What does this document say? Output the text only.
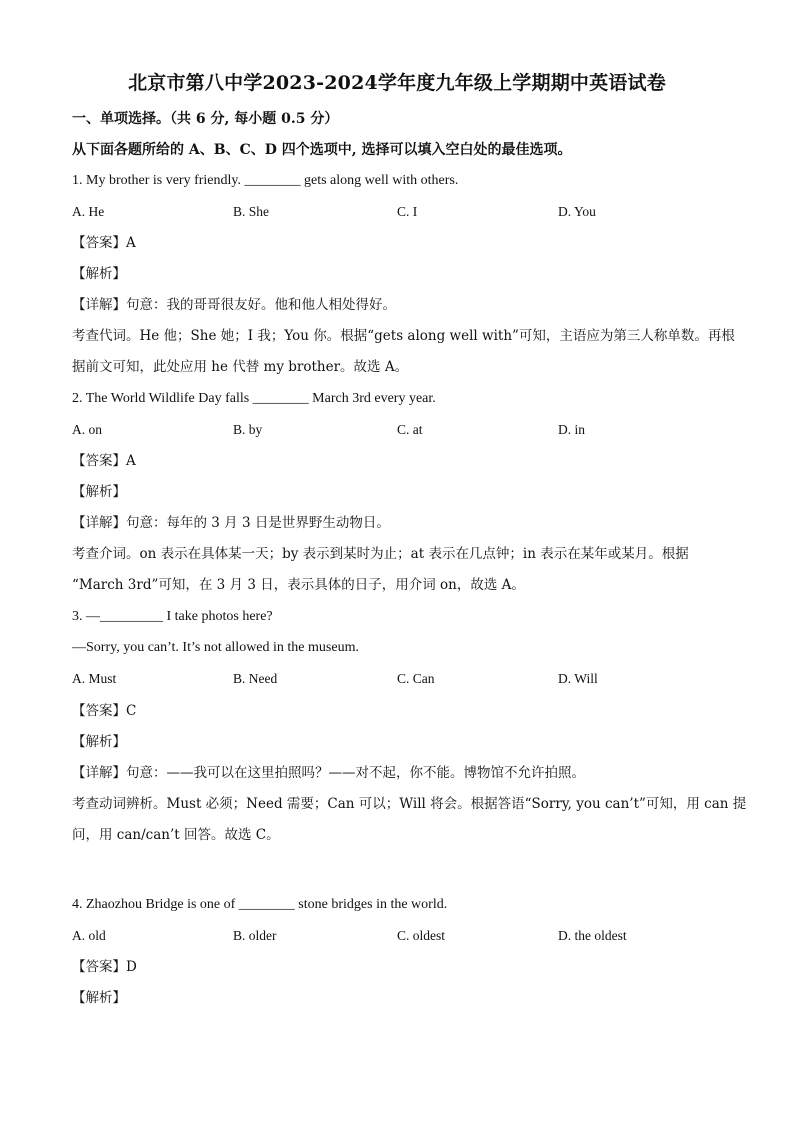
北京市第八中学2023-2024学年度九年级上学期期中英语试卷
一、单项选择。（共 6 分, 每小题 0.5 分）
从下面各题所给的 A、B、C、D 四个选项中, 选择可以填入空白处的最佳选项。
1. My brother is very friendly. ________ gets along well with others.
A. He	B. She	C. I	D. You
【答案】A
【解析】
【详解】句意：我的哥哥很友好。他和他人相处得好。
考查代词。He 他；She 她；I 我；You 你。根据“gets along well with”可知，主语应为第三人称单数。再根
据前文可知，此处应用 he 代替 my brother。故选 A。
2. The World Wildlife Day falls ________ March 3rd every year.
A. on	B. by	C. at	D. in
【答案】A
【解析】
【详解】句意：每年的 3 月 3 日是世界野生动物日。
考查介词。on 表示在具体某一天；by 表示到某时为止；at 表示在几点钟；in 表示在某年或某月。根据
“March 3rd”可知，在 3 月 3 日，表示具体的日子，用介词 on，故选 A。
3. —_________ I take photos here?
—Sorry, you can’t. It’s not allowed in the museum.
A. Must	B. Need	C. Can	D. Will
【答案】C
【解析】
【详解】句意：——我可以在这里拍照吗？——对不起，你不能。博物馆不允许拍照。
考查动词辨析。Must 必须；Need 需要；Can 可以；Will 将会。根据答语“Sorry, you can’t”可知，用 can 提
问，用 can/can’t 回答。故选 C。
4. Zhaozhou Bridge is one of ________ stone bridges in the world.
A. old	B. older	C. oldest	D. the oldest
【答案】D
【解析】
